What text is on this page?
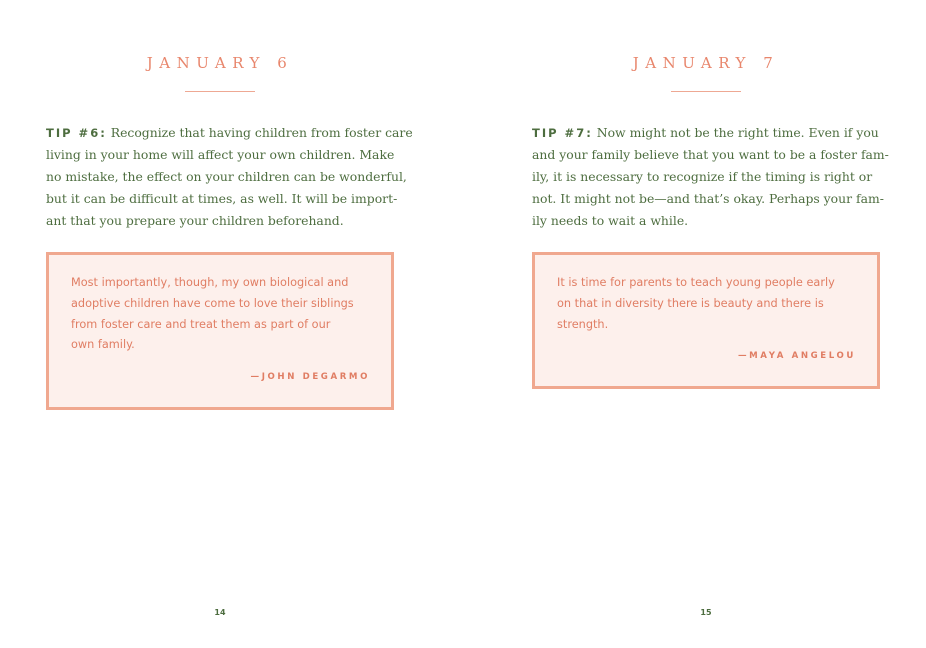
JANUARY 6

TIP #6: Recognize that having children from foster care
living in your home will affect your own children. Make
no mistake, the effect on your children can be wonderful,
but it can be difficult at times, as well. It will be import-
ant that you prepare your children beforehand.

Most importantly, though, my own biological and
adoptive children have come to love their siblings
from foster care and treat them as part of our
own family.

—JOHN DEGARMO
14
JANUARY 7

TIP #7: Now might not be the right time. Even if you
and your family believe that you want to be a foster fam-
ily, it is necessary to recognize if the timing is right or
not. It might not be—and that’s okay. Perhaps your fam-
ily needs to wait a while.

It is time for parents to teach young people early
on that in diversity there is beauty and there is
strength.

—MAYA ANGELOU
15
